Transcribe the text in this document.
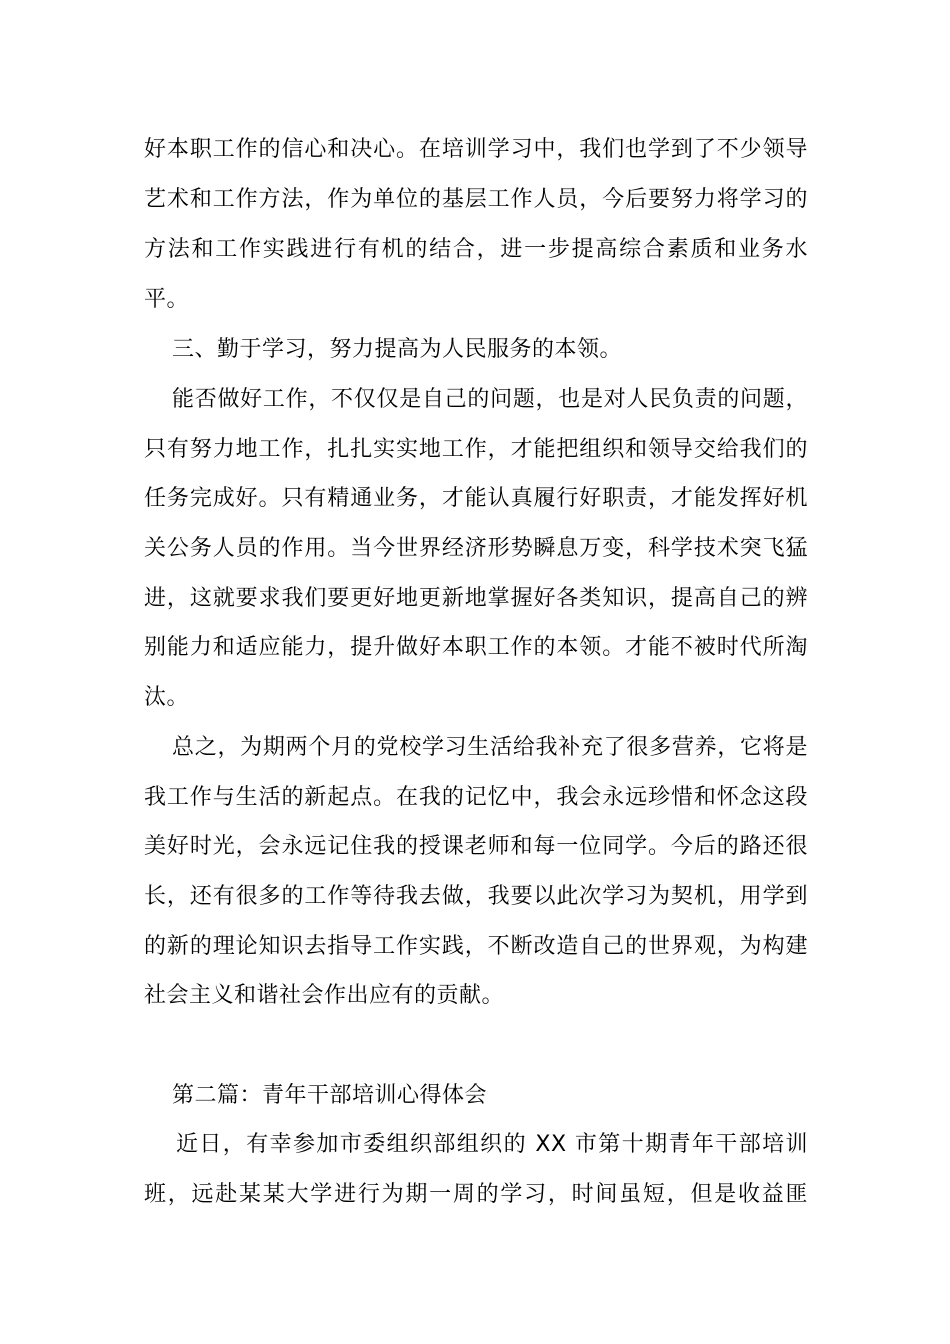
好本职工作的信心和决心。在培训学习中，我们也学到了不少领导
艺术和工作方法，作为单位的基层工作人员，今后要努力将学习的
方法和工作实践进行有机的结合，进一步提高综合素质和业务水
平。
三、勤于学习，努力提高为人民服务的本领。
能否做好工作，不仅仅是自己的问题，也是对人民负责的问题，
只有努力地工作，扎扎实实地工作，才能把组织和领导交给我们的
任务完成好。只有精通业务，才能认真履行好职责，才能发挥好机
关公务人员的作用。当今世界经济形势瞬息万变，科学技术突飞猛
进，这就要求我们要更好地更新地掌握好各类知识，提高自己的辨
别能力和适应能力，提升做好本职工作的本领。才能不被时代所淘
汰。
总之，为期两个月的党校学习生活给我补充了很多营养，它将是
我工作与生活的新起点。在我的记忆中，我会永远珍惜和怀念这段
美好时光，会永远记住我的授课老师和每一位同学。今后的路还很
长，还有很多的工作等待我去做，我要以此次学习为契机，用学到
的新的理论知识去指导工作实践，不断改造自己的世界观，为构建
社会主义和谐社会作出应有的贡献。
第二篇：青年干部培训心得体会
近日，有幸参加市委组织部组织的 XX 市第十期青年干部培训
班，远赴某某大学进行为期一周的学习，时间虽短，但是收益匪
